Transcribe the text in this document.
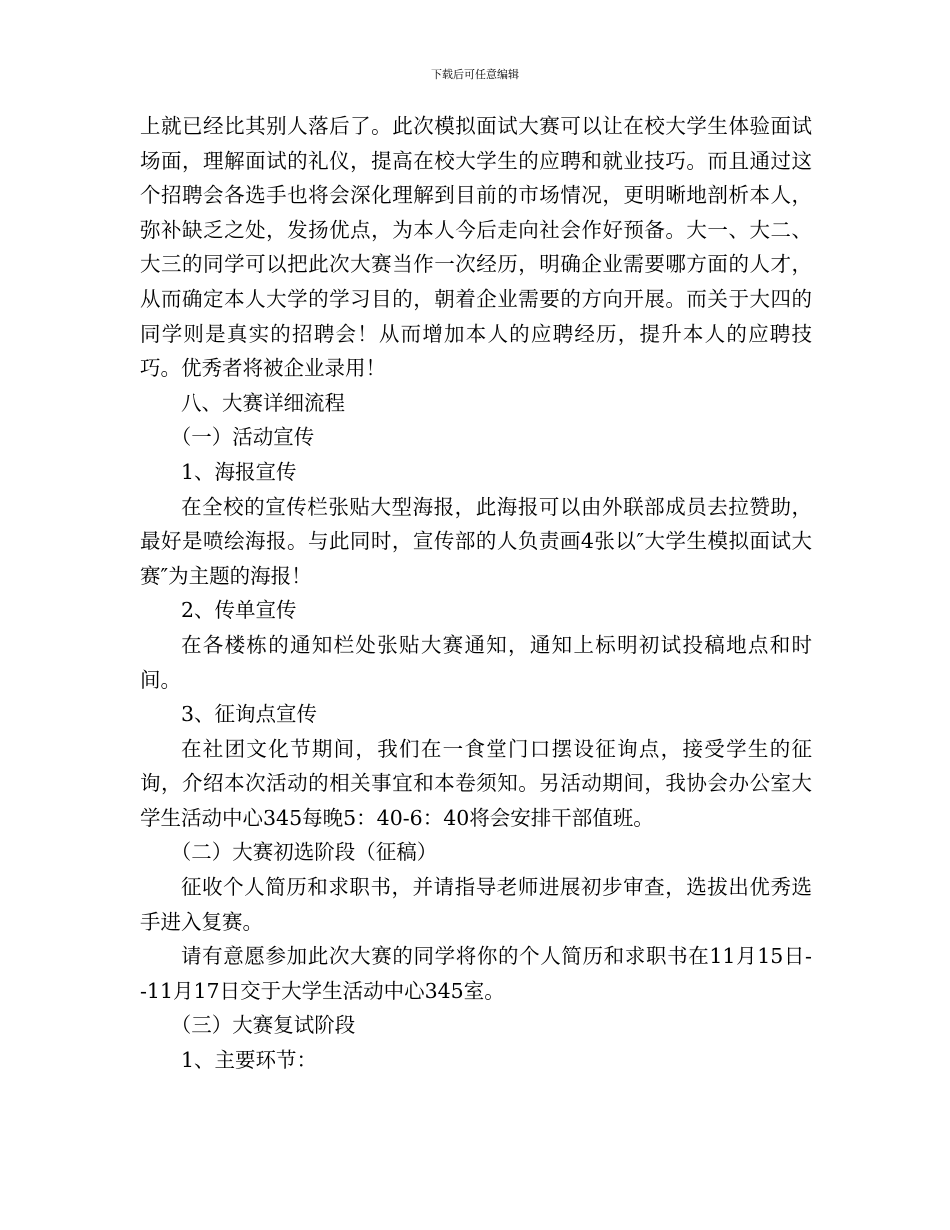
下载后可任意编辑

上就已经比其别人落后了。此次模拟面试大赛可以让在校大学生体验面试场面，理解面试的礼仪，提高在校大学生的应聘和就业技巧。而且通过这个招聘会各选手也将会深化理解到目前的市场情况，更明晰地剖析本人，弥补缺乏之处，发扬优点，为本人今后走向社会作好预备。大一、大二、大三的同学可以把此次大赛当作一次经历，明确企业需要哪方面的人才，从而确定本人大学的学习目的，朝着企业需要的方向开展。而关于大四的同学则是真实的招聘会！从而增加本人的应聘经历，提升本人的应聘技巧。优秀者将被企业录用！

八、大赛详细流程

（一）活动宣传

1、海报宣传

在全校的宣传栏张贴大型海报，此海报可以由外联部成员去拉赞助，最好是喷绘海报。与此同时，宣传部的人负责画4张以″大学生模拟面试大赛″为主题的海报！

2、传单宣传

在各楼栋的通知栏处张贴大赛通知，通知上标明初试投稿地点和时间。

3、征询点宣传

在社团文化节期间，我们在一食堂门口摆设征询点，接受学生的征询，介绍本次活动的相关事宜和本卷须知。另活动期间，我协会办公室大学生活动中心345每晚5：40-6：40将会安排干部值班。

（二）大赛初选阶段（征稿）

征收个人简历和求职书，并请指导老师进展初步审查，选拔出优秀选手进入复赛。

请有意愿参加此次大赛的同学将你的个人简历和求职书在11月15日--11月17日交于大学生活动中心345室。

（三）大赛复试阶段

1、主要环节：
